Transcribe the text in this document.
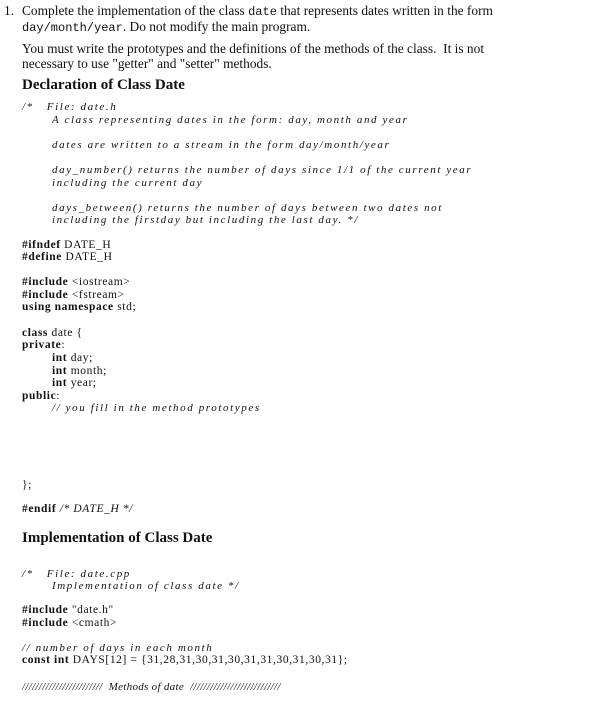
1. Complete the implementation of the class date that represents dates written in the form
day/month/year. Do not modify the main program.
You must write the prototypes and the definitions of the methods of the class.  It is not
necessary to use "getter" and "setter" methods.
Declaration of Class Date
/*   File: date.h
A class representing dates in the form: day, month and year
dates are written to a stream in the form day/month/year
day_number() returns the number of days since 1/1 of the current year
including the current day
days_between() returns the number of days between two dates not
including the firstday but including the last day. */
#ifndef DATE_H
#define DATE_H
#include <iostream>
#include <fstream>
using namespace std;
class date {
private:
int day;
int month;
int year;
public:
// you fill in the method prototypes
};
#endif /* DATE_H */
Implementation of Class Date
/*   File: date.cpp
Implementation of class date */
#include "date.h"
#include <cmath>
// number of days in each month
const int DAYS[12] = {31,28,31,30,31,30,31,31,30,31,30,31};
////////////////////////  Methods of date  ///////////////////////////
